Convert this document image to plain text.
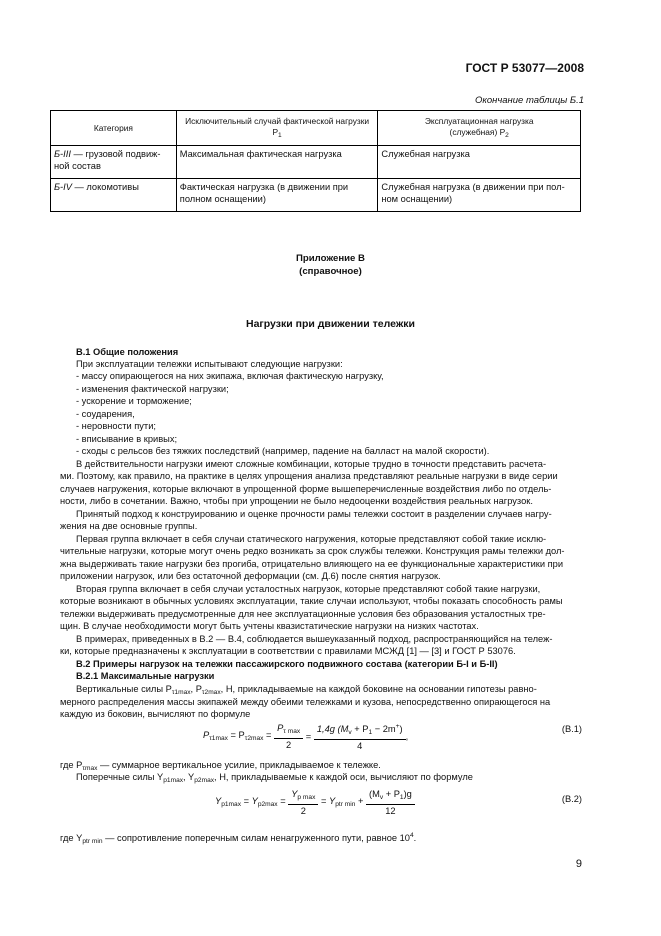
ГОСТ Р 53077—2008
Окончание таблицы Б.1
Категория	Исключительный случай фактической нагрузки $P_1$	Эксплуатационная нагрузка
(служебная) $P_2$
Б-III — грузовой подвиж-
ной состав	Максимальная фактическая нагрузка	Служебная нагрузка
Б-IV — локомотивы	Фактическая нагрузка (в движении при
полном оснащении)	Служебная нагрузка (в движении при пол-
ном оснащении)
Приложение В
(справочное)
Нагрузки при движении тележки
В.1 Общие положения
При эксплуатации тележки испытывают следующие нагрузки:
- массу опирающегося на них экипажа, включая фактическую нагрузку,
- изменения фактической нагрузки;
- ускорение и торможение;
- соударения,
- неровности пути;
- вписывание в кривых;
- сходы с рельсов без тяжких последствий (например, падение на балласт на малой скорости).
В действительности нагрузки имеют сложные комбинации, которые трудно в точности представить расчета-
ми. Поэтому, как правило, на практике в целях упрощения анализа представляют реальные нагрузки в виде серии
случаев нагружения, которые включают в упрощенной форме вышеперечисленные воздействия либо по отдель-
ности, либо в сочетании. Важно, чтобы при упрощении не было недооценки воздействия реальных нагрузок.
Принятый подход к конструированию и оценке прочности рамы тележки состоит в разделении случаев нагру-
жения на две основные группы.
Первая группа включает в себя случаи статического нагружения, которые представляют собой такие исклю-
чительные нагрузки, которые могут очень редко возникать за срок службы тележки. Конструкция рамы тележки дол-
жна выдерживать такие нагрузки без прогиба, отрицательно влияющего на ее функциональные характеристики при
приложении нагрузок, или без остаточной деформации (см. Д.6) после снятия нагрузок.
Вторая группа включает в себя случаи усталостных нагрузок, которые представляют собой такие нагрузки,
которые возникают в обычных условиях эксплуатации, такие случаи используют, чтобы показать способность рамы
тележки выдерживать предусмотренные для нее эксплуатационные условия без образования усталостных тре-
щин. В случае необходимости могут быть учтены квазистатические нагрузки на низких частотах.
В примерах, приведенных в В.2 — В.4, соблюдается вышеуказанный подход, распространяющийся на тележ-
ки, которые предназначены к эксплуатации в соответствии с правилами МСЖД [1] — [3] и ГОСТ Р 53076.
В.2 Примеры нагрузок на тележки пассажирского подвижного состава (категории Б-I и Б-II)
В.2.1 Максимальные нагрузки
Вертикальные силы $P_{\tau 1max}$, $P_{\tau 2max}$, H, прикладываемые на каждой боковине на основании гипотезы равно-
мерного распределения массы экипажей между обеими тележками и кузова, непосредственно опирающегося на
каждую из боковин, вычисляют по формуле
$P_{\tau 1max} = P_{\tau 2max}$ =
$P_{\tau max}$
2
= $\frac{1,4g (M_v + P_1 - 2m^+)}{4}$ ,
(B.1)
где $P_{\tau max}$ — суммарное вертикальное усилие, прикладываемое к тележке.
Поперечные силы $Y_{p1max}$, $Y_{p2max}$, H, прикладываемые к каждой оси, вычисляют по формуле
$Y_{p1max} = Y_{p2max}$ =
$Y_{p max}$
2
= $Y_{ptr min} + \frac{(M_v + P_1)g}{12}$	(B.2)
где $Y_{ptr min}$ — сопротивление поперечным силам ненагруженного пути, равное $10^4$.
9
